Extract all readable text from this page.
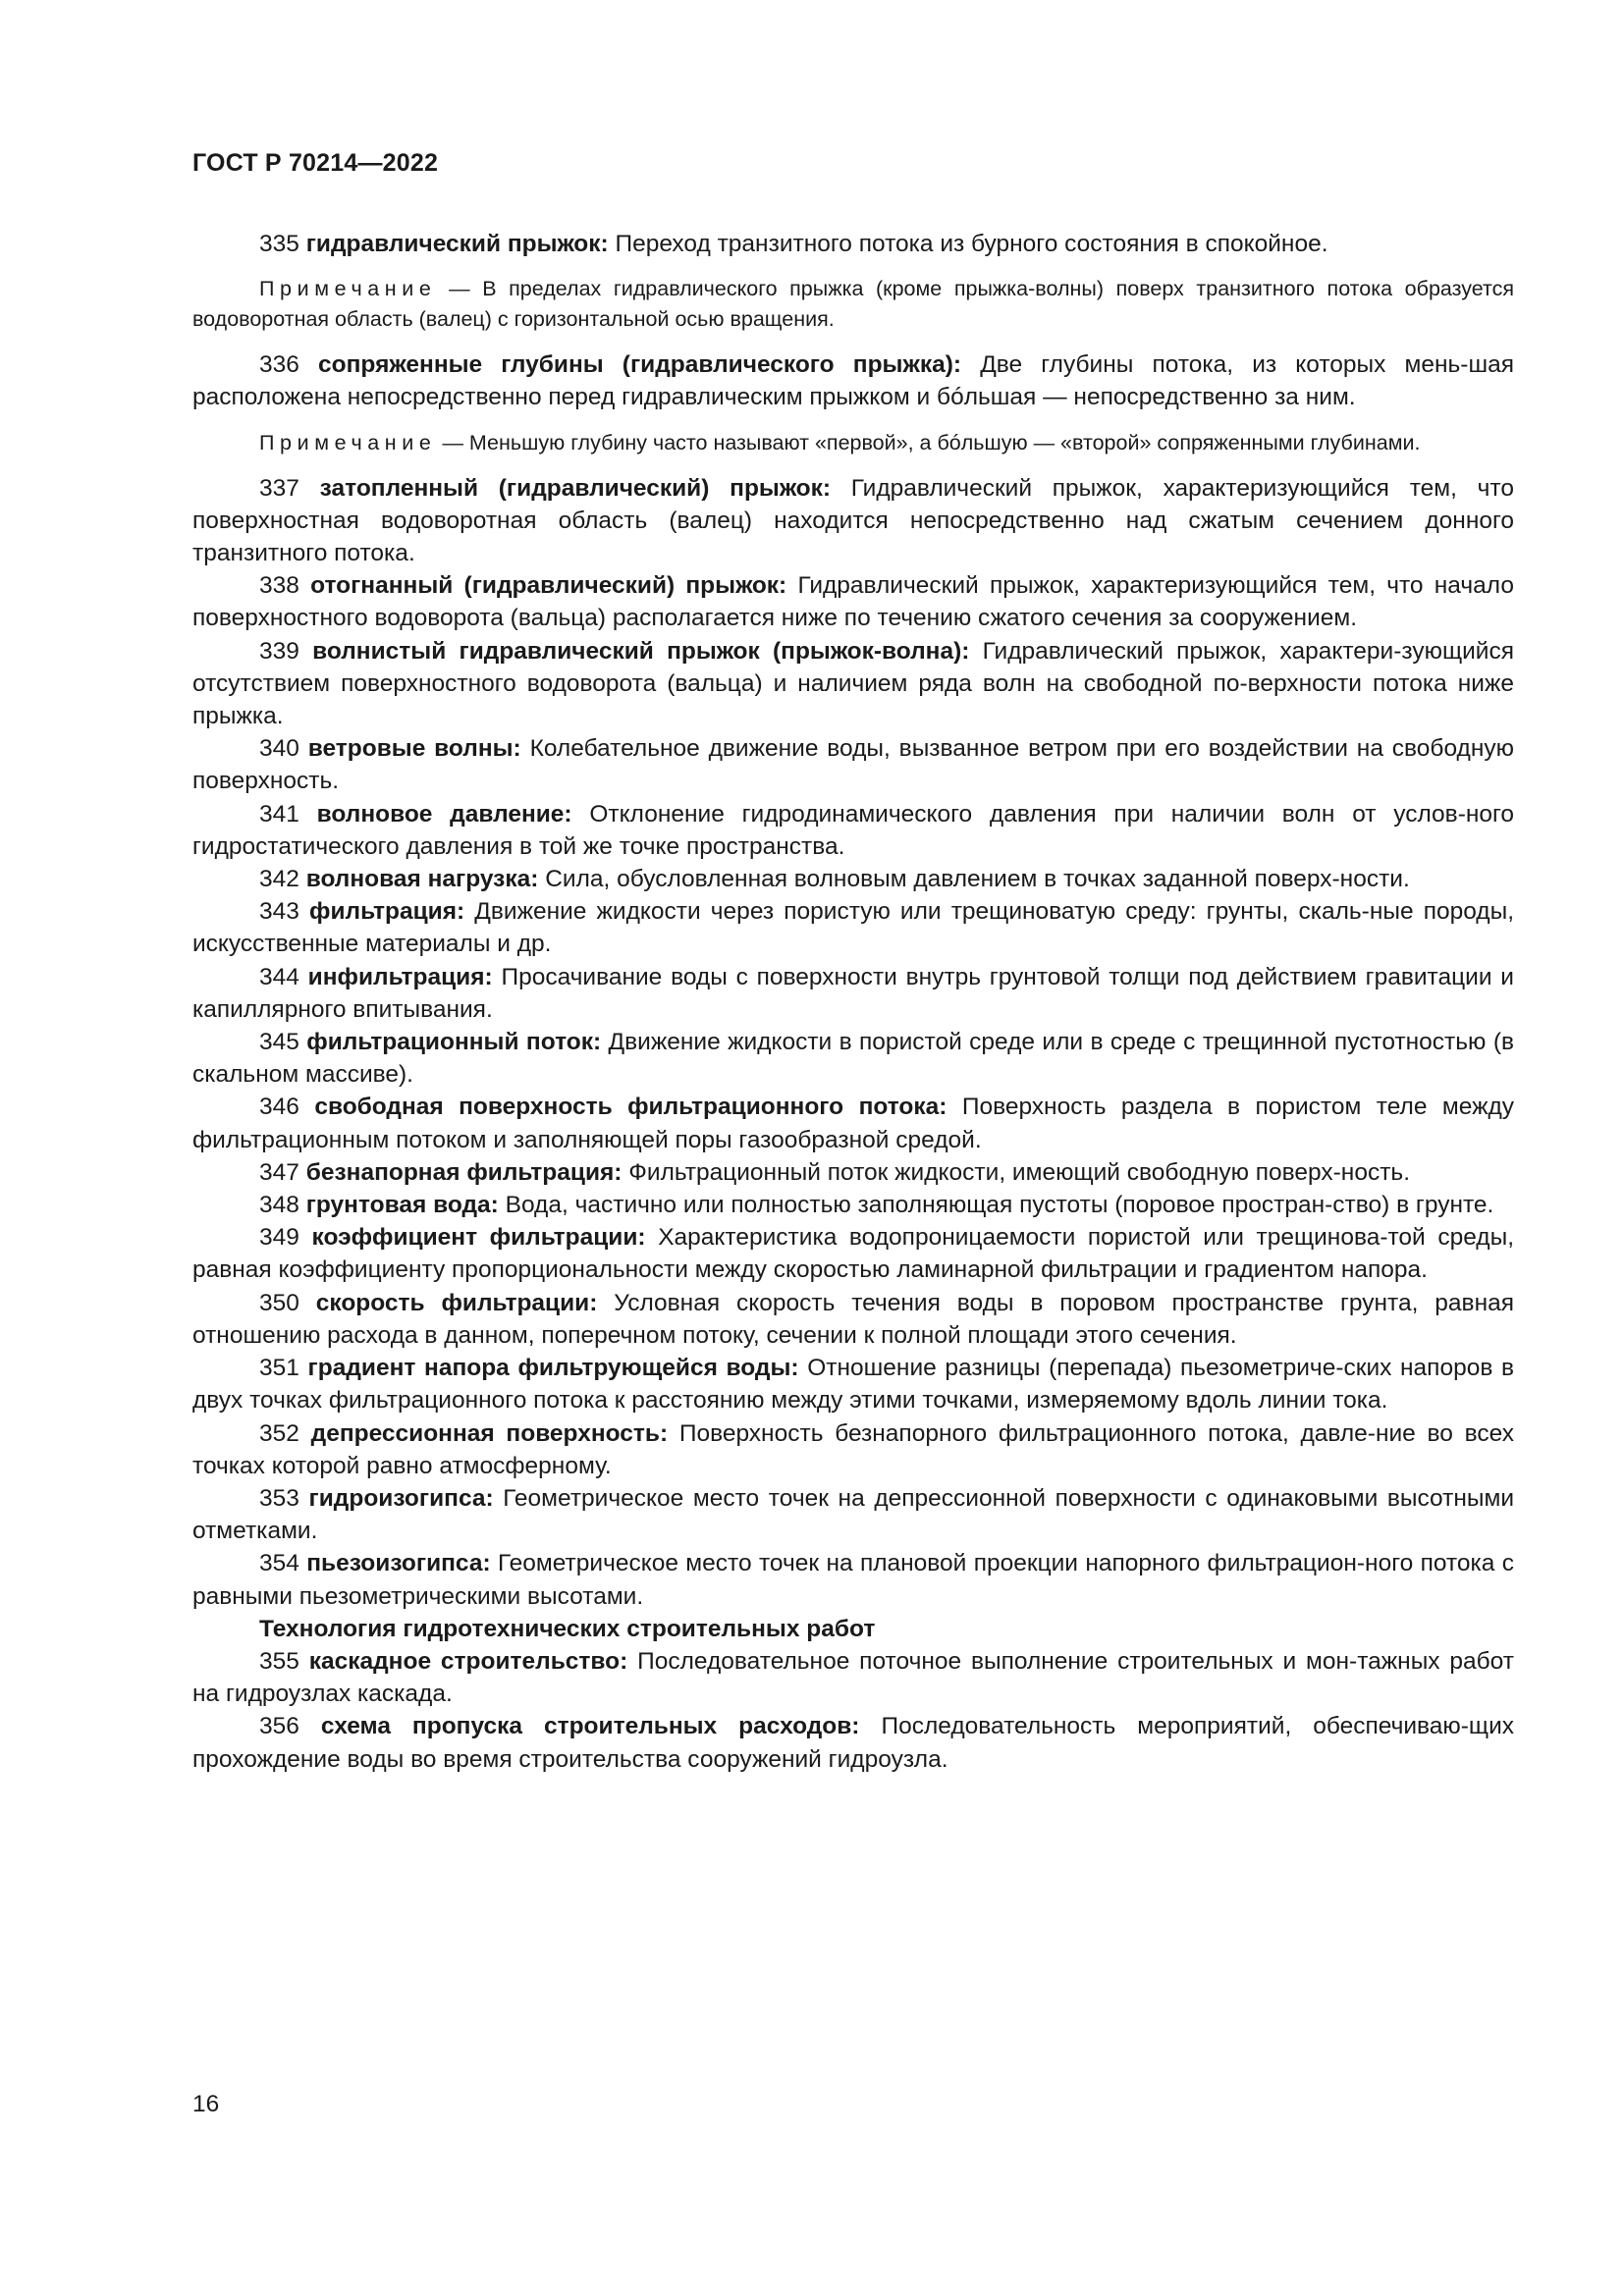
ГОСТ Р 70214—2022

335 гидравлический прыжок: Переход транзитного потока из бурного состояния в спокойное.

Примечание — В пределах гидравлического прыжка (кроме прыжка-волны) поверх транзитного потока образуется водоворотная область (валец) с горизонтальной осью вращения.

336 сопряженные глубины (гидравлического прыжка): Две глубины потока, из которых мень-шая расположена непосредственно перед гидравлическим прыжком и бóльшая — непосредственно за ним.

Примечание — Меньшую глубину часто называют «первой», а бóльшую — «второй» сопряженными глубинами.

337 затопленный (гидравлический) прыжок: Гидравлический прыжок, характеризующийся тем, что поверхностная водоворотная область (валец) находится непосредственно над сжатым сечением донного транзитного потока.

338 отогнанный (гидравлический) прыжок: Гидравлический прыжок, характеризующийся тем, что начало поверхностного водоворота (вальца) располагается ниже по течению сжатого сечения за сооружением.

339 волнистый гидравлический прыжок (прыжок-волна): Гидравлический прыжок, характери-зующийся отсутствием поверхностного водоворота (вальца) и наличием ряда волн на свободной по-верхности потока ниже прыжка.

340 ветровые волны: Колебательное движение воды, вызванное ветром при его воздействии на свободную поверхность.

341 волновое давление: Отклонение гидродинамического давления при наличии волн от услов-ного гидростатического давления в той же точке пространства.

342 волновая нагрузка: Сила, обусловленная волновым давлением в точках заданной поверх-ности.

343 фильтрация: Движение жидкости через пористую или трещиноватую среду: грунты, скаль-ные породы, искусственные материалы и др.

344 инфильтрация: Просачивание воды с поверхности внутрь грунтовой толщи под действием гравитации и капиллярного впитывания.

345 фильтрационный поток: Движение жидкости в пористой среде или в среде с трещинной пустотностью (в скальном массиве).

346 свободная поверхность фильтрационного потока: Поверхность раздела в пористом теле между фильтрационным потоком и заполняющей поры газообразной средой.

347 безнапорная фильтрация: Фильтрационный поток жидкости, имеющий свободную поверх-ность.

348 грунтовая вода: Вода, частично или полностью заполняющая пустоты (поровое простран-ство) в грунте.

349 коэффициент фильтрации: Характеристика водопроницаемости пористой или трещинова-той среды, равная коэффициенту пропорциональности между скоростью ламинарной фильтрации и градиентом напора.

350 скорость фильтрации: Условная скорость течения воды в поровом пространстве грунта, равная отношению расхода в данном, поперечном потоку, сечении к полной площади этого сечения.

351 градиент напора фильтрующейся воды: Отношение разницы (перепада) пьезометриче-ских напоров в двух точках фильтрационного потока к расстоянию между этими точками, измеряемому вдоль линии тока.

352 депрессионная поверхность: Поверхность безнапорного фильтрационного потока, давле-ние во всех точках которой равно атмосферному.

353 гидроизогипса: Геометрическое место точек на депрессионной поверхности с одинаковыми высотными отметками.

354 пьезоизогипса: Геометрическое место точек на плановой проекции напорного фильтрацион-ного потока с равными пьезометрическими высотами.

Технология гидротехнических строительных работ

355 каскадное строительство: Последовательное поточное выполнение строительных и мон-тажных работ на гидроузлах каскада.

356 схема пропуска строительных расходов: Последовательность мероприятий, обеспечиваю-щих прохождение воды во время строительства сооружений гидроузла.

16
